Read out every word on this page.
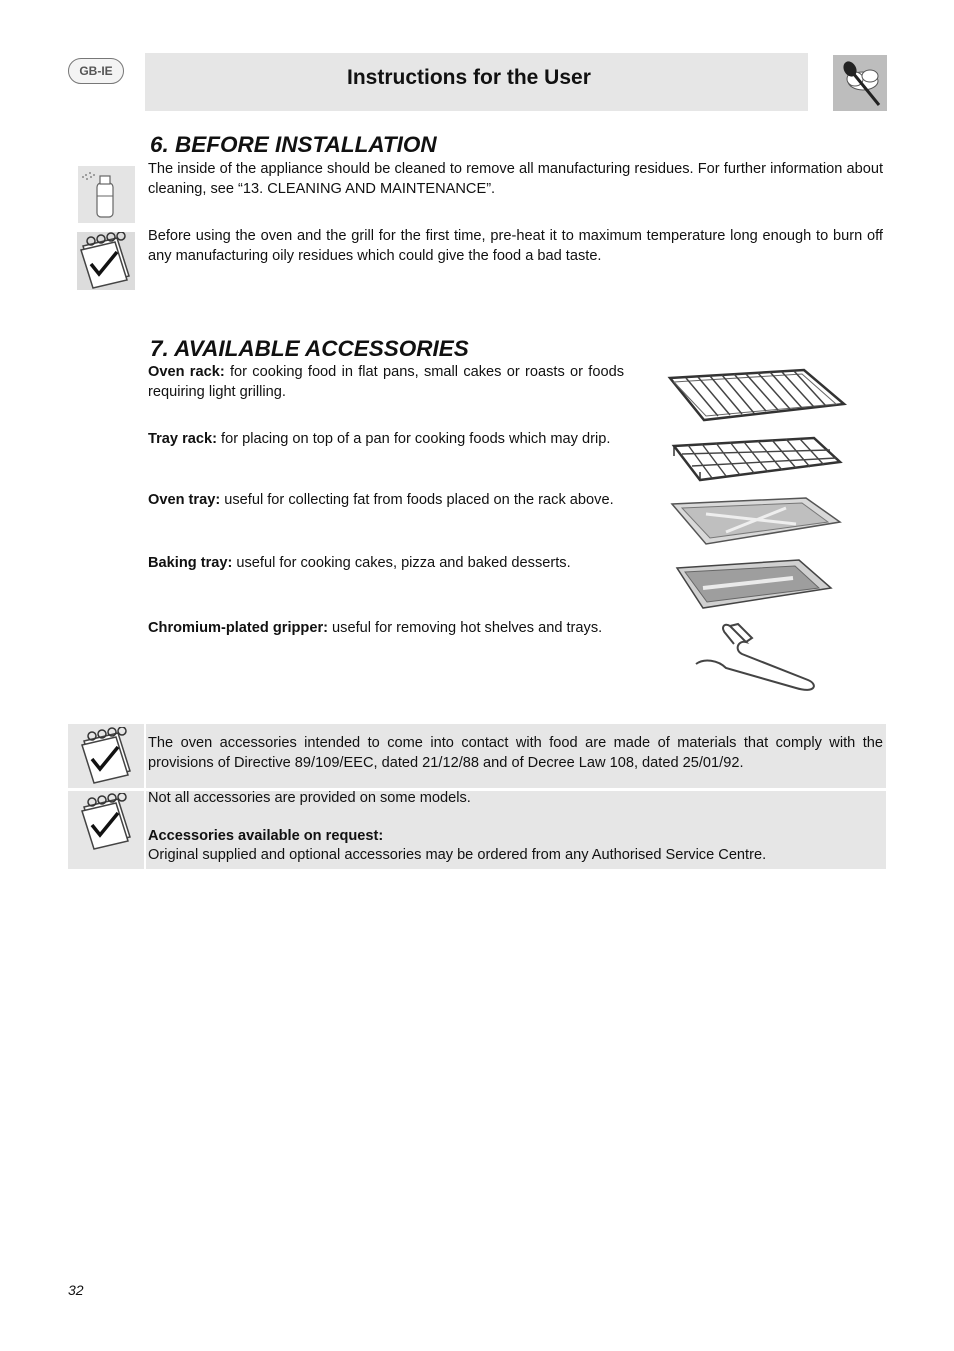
GB-IE	Instructions for the User
6. BEFORE INSTALLATION

The inside of the appliance should be cleaned to remove all manufacturing residues. For further information about cleaning, see “13. CLEANING AND MAINTENANCE”.

Before using the oven and the grill for the first time, pre-heat it to maximum temperature long enough to burn off any manufacturing oily residues which could give the food a bad taste.

7. AVAILABLE ACCESSORIES

Oven rack: for cooking food in flat pans, small cakes or roasts or foods requiring light grilling.

Tray rack: for placing on top of a pan for cooking foods which may drip.

Oven tray: useful for collecting fat from foods placed on the rack above.

Baking tray: useful for cooking cakes, pizza and baked desserts.

Chromium-plated gripper: useful for removing hot shelves and trays.

The oven accessories intended to come into contact with food are made of materials that comply with the provisions of Directive 89/109/EEC, dated 21/12/88 and of Decree Law 108, dated 25/01/92.

Not all accessories are provided on some models.

Accessories available on request:

Original supplied and optional accessories may be ordered from any Authorised Service Centre.

32
